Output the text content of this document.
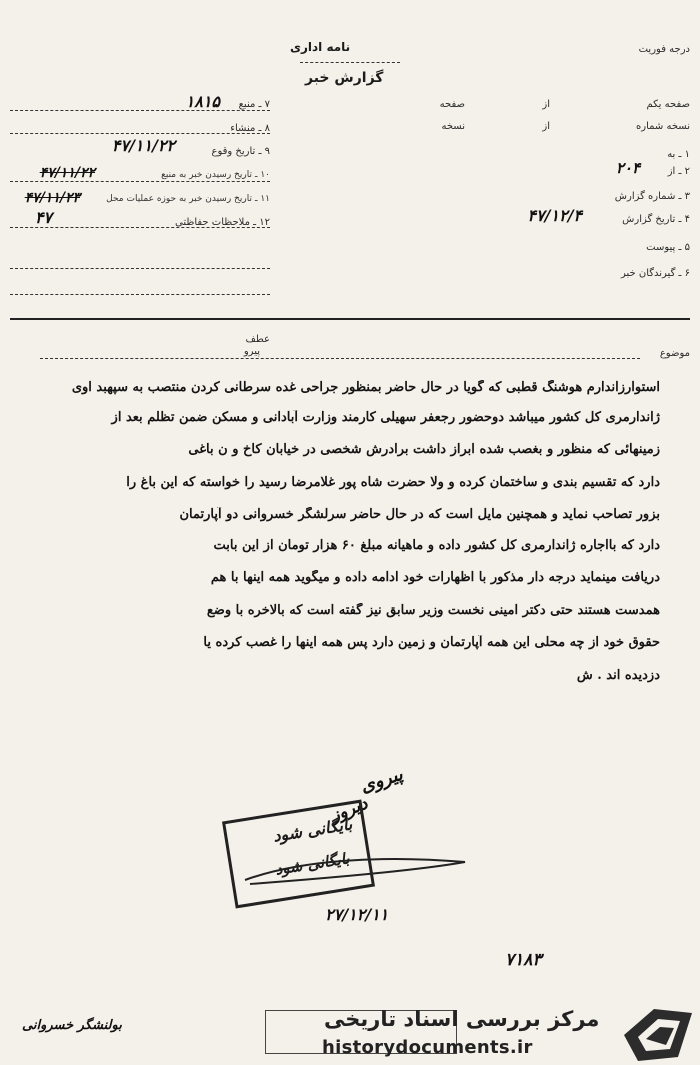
نامه اداری
گزارش خبر
درجه فوریت
صفحه یکم
از
صفحه
نسخه شماره
از
نسخه
۱ ـ به
۲ ـ از
۲۰۴
۳ ـ شماره گزارش
۴ ـ تاریخ گزارش
۴۷/۱۲/۴
۵ ـ پیوست
۶ ـ گیرندگان خبر
۷ ـ منبع
۱۸۱۵
۸ ـ منشاء
۹ ـ تاریخ وقوع
۴۷/۱۱/۲۲
۱۰ ـ تاریخ رسیدن خبر به منبع
۴۷/۱۱/۲۲
۱۱ ـ تاریخ رسیدن خبر به حوزه عملیات محل
۴۷/۱۱/۲۳
۱۲ ـ ملاحظات حفاظتی
۴۷
عطف
پیرو	موضوع
استوارزاندارم هوشنگ قطبی که گویا در حال حاضر بمنظور جراحی غده سرطانی کردن منتصب به سپهبد اوی
ژاندارمری کل کشور میباشد دوحضور رجعفر سهیلی کارمند وزارت آبادانی و مسکن ضمن تظلم بعد از
زمینهائی که منظور و بغصب شده ابراز داشت برادرش شخصی در خیابان کاخ و ن باغی
دارد که تقسیم بندی و ساختمان کرده و ولا حضرت شاه پور غلامرضا رسید را خواسته که این باغ را
بزور تصاحب نماید و همچنین مایل است که در حال حاضر سرلشگر خسروانی دو آپارتمان
دارد که بااجاره ژاندارمری کل کشور داده و ماهیانه مبلغ ۶۰ هزار تومان از این بابت
دریافت مینماید درجه دار مذکور با اظهارات خود ادامه داده و میگوید همه اینها با هم
همدست هستند حتی دکتر امینی نخست وزیر سابق نیز گفته است که بالاخره با وضع
حقوق خود از چه محلی این همه آپارتمان و زمین دارد پس همه اینها را غصب کرده یا
دزدیده اند . ش
پیروی
دیروز
بایگانی شود
بایگانی شود
۲۷/۱۲/۱۱
۷۱۸۳
بولنشگر خسروانی	مرکز بررسی اسناد تاریخی
historydocuments.ir
